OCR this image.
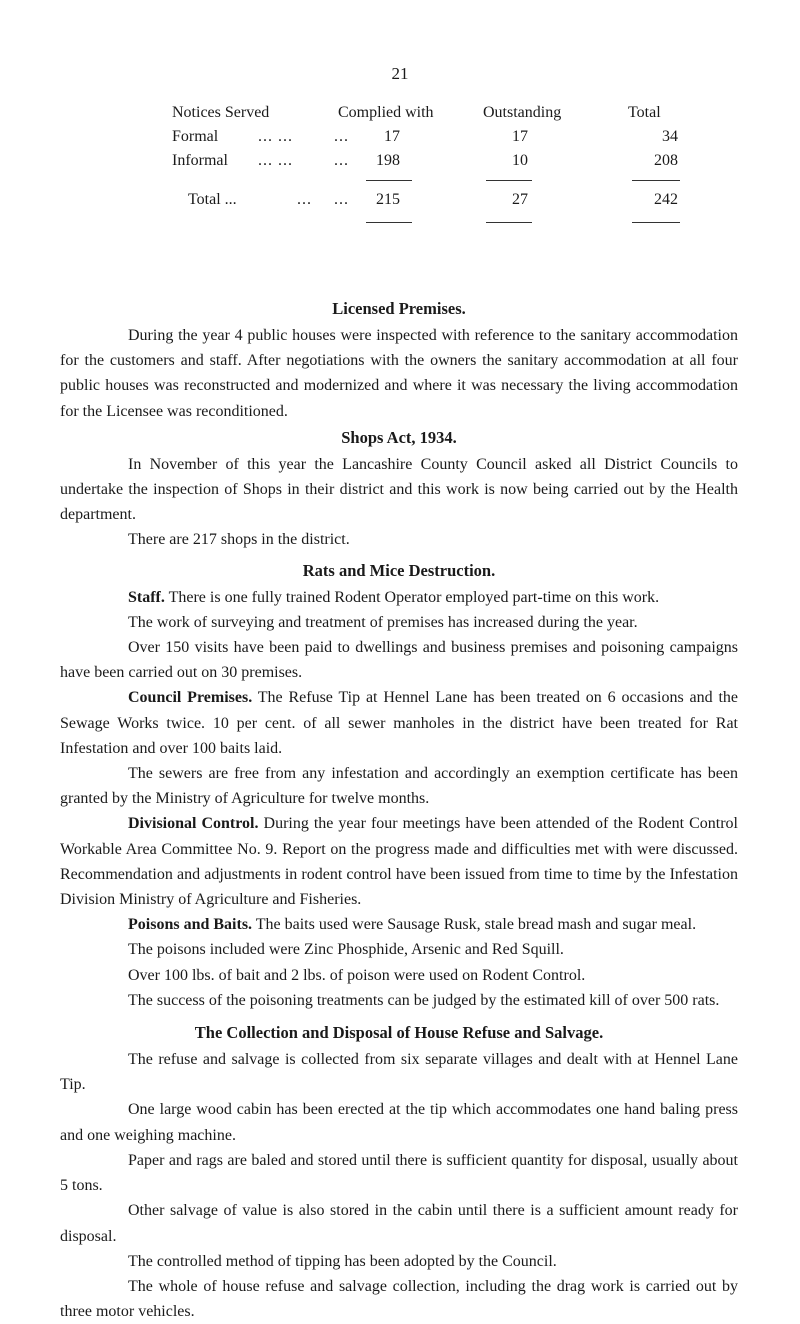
21
Notices Served	Complied with	Outstanding	Total
Formal ... ...	...	17	17	34
Informal ... ...	...	198	10	208
Total ...	... ...	215	27	242
Licensed Premises.

During the year 4 public houses were inspected with reference to the sanitary accommodation for the customers and staff. After negotiations with the owners the sanitary accommodation at all four public houses was reconstructed and modernized and where it was necessary the living accommodation for the Licensee was reconditioned.

Shops Act, 1934.

In November of this year the Lancashire County Council asked all District Councils to undertake the inspection of Shops in their district and this work is now being carried out by the Health department.

There are 217 shops in the district.

Rats and Mice Destruction.

Staff. There is one fully trained Rodent Operator employed part-time on this work.

The work of surveying and treatment of premises has increased during the year.

Over 150 visits have been paid to dwellings and business premises and poisoning campaigns have been carried out on 30 premises.

Council Premises. The Refuse Tip at Hennel Lane has been treated on 6 occasions and the Sewage Works twice. 10 per cent. of all sewer manholes in the district have been treated for Rat Infestation and over 100 baits laid.

The sewers are free from any infestation and accordingly an exemption certificate has been granted by the Ministry of Agriculture for twelve months.

Divisional Control. During the year four meetings have been attended of the Rodent Control Workable Area Committee No. 9. Report on the progress made and difficulties met with were discussed. Recommendation and adjustments in rodent control have been issued from time to time by the Infestation Division Ministry of Agriculture and Fisheries.

Poisons and Baits. The baits used were Sausage Rusk, stale bread mash and sugar meal.

The poisons included were Zinc Phosphide, Arsenic and Red Squill.

Over 100 lbs. of bait and 2 lbs. of poison were used on Rodent Control.

The success of the poisoning treatments can be judged by the estimated kill of over 500 rats.

The Collection and Disposal of House Refuse and Salvage.

The refuse and salvage is collected from six separate villages and dealt with at Hennel Lane Tip.

One large wood cabin has been erected at the tip which accommodates one hand baling press and one weighing machine.

Paper and rags are baled and stored until there is sufficient quantity for disposal, usually about 5 tons.

Other salvage of value is also stored in the cabin until there is a sufficient amount ready for disposal.

The controlled method of tipping has been adopted by the Council.

The whole of house refuse and salvage collection, including the drag work is carried out by three motor vehicles.
